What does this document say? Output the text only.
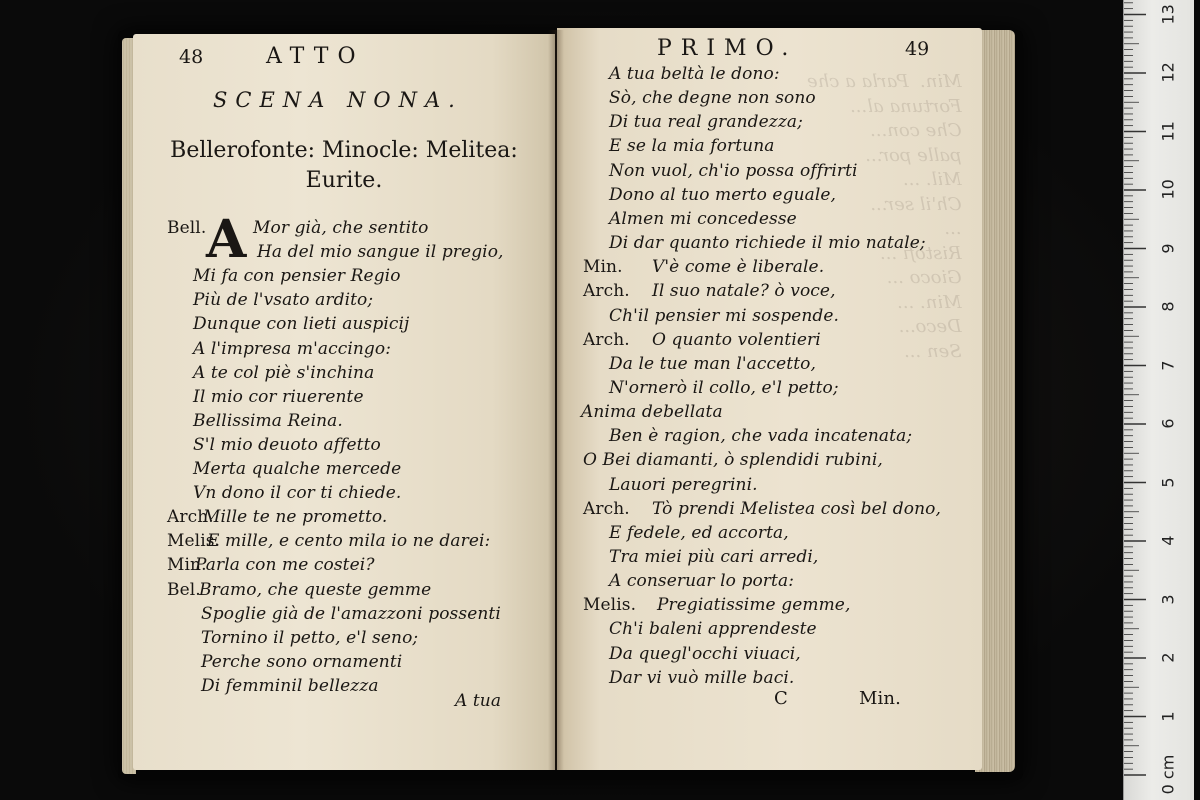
48	ATTO
SCENA NONA.
Bellerofonte: Minocle: Melitea:
Eurite.
A
Bell.	Mor già, che sentito
Ha del mio sangue il pregio,
Mi fa con pensier Regio
Più de l'vsato ardito;
Dunque con lieti auspicij
A l'impresa m'accingo:
A te col piè s'inchina
Il mio cor riuerente
Bellissima Reina.
S'l mio deuoto affetto
Merta qualche mercede
Vn dono il cor ti chiede.
Arch.
Mille te ne prometto.
Melis.
E mille, e cento mila io ne darei:
Min.
Parla con me costei?
Bel.
Bramo, che queste gemme
Spoglie già de l'amazzoni possenti
Tornino il petto, e'l seno;
Perche sono ornamenti
Di femminil bellezza
A tua
Min.  Parla a che
Fortuna al...
Che con...
palle por...
Mil. ...
Ch'il ser...
...
Ristofi ...
Gioco ...
Min. ...
Deco...
Sen ...
PRIMO.	49
A tua beltà le dono:
Sò, che degne non sono
Di tua real grandezza;
E se la mia fortuna
Non vuol, ch'io possa offrirti
Dono al tuo merto eguale,
Almen mi concedesse
Di dar quanto richiede il mio natale;
Min. V'è come è liberale.
Arch. Il suo natale? ò voce,
Ch'il pensier mi sospende.
Arch. O quanto volentieri
Da le tue man l'accetto,
N'ornerò il collo, e'l petto;
Anima debellata
Ben è ragion, che vada incatenata;
O Bei diamanti, ò splendidi rubini,
Lauori peregrini.
Arch. Tò prendi Melistea così bel dono,
E fedele, ed accorta,
Tra miei più cari arredi,
A conseruar lo porta:
Melis. Pregiatissime gemme,
Ch'i baleni apprendeste
Da quegl'occhi viuaci,
Dar vi vuò mille baci.
C	Min.
0 cm
1
2
3
4
5
6
7
8
9
10
11
12
13
